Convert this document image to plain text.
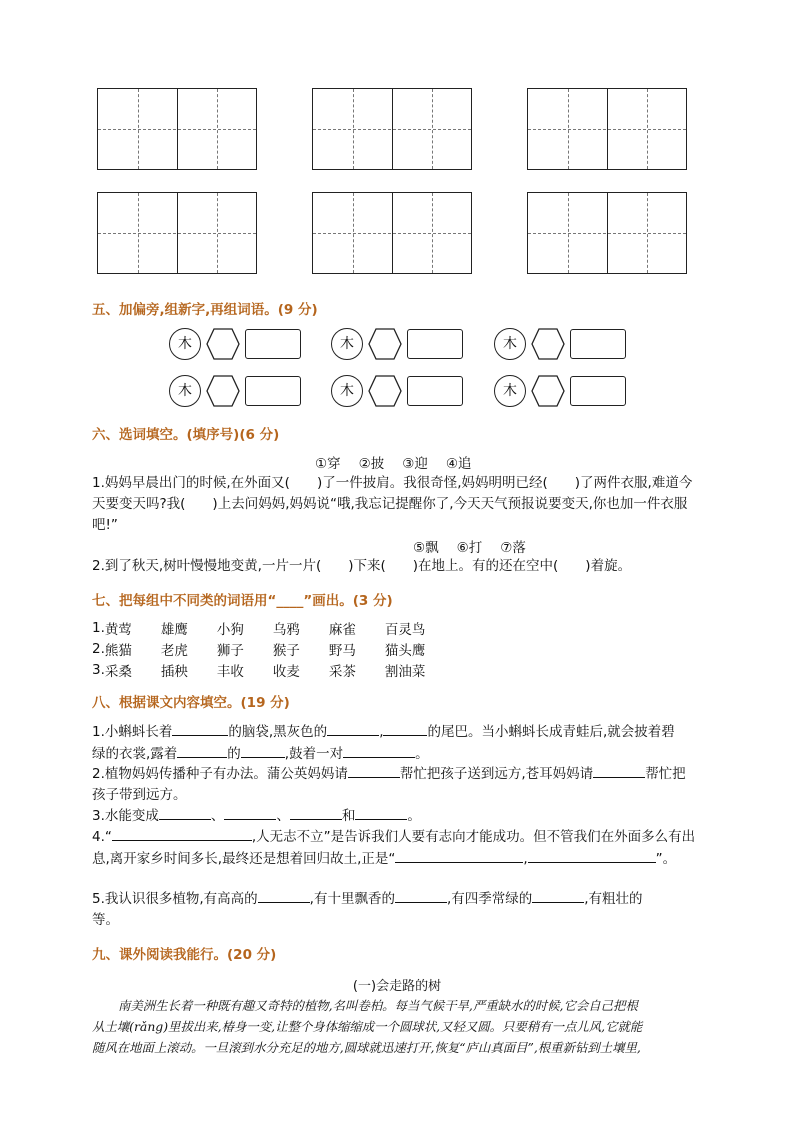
五、加偏旁,组新字,再组词语。(9 分)
木	木	木
木	木	木
六、选词填空。(填序号)(6 分)
①穿 ②披 ③迎 ④追
1.妈妈早晨出门的时候,在外面又(　　)了一件披肩。我很奇怪,妈妈明明已经(　　)了两件衣服,难道今
天要变天吗?我(　　)上去问妈妈,妈妈说“哦,我忘记提醒你了,今天天气预报说要变天,你也加一件衣服
吧!”
⑤飘 ⑥打 ⑦落
2.到了秋天,树叶慢慢地变黄,一片一片(　　)下来(　　)在地上。有的还在空中(　　)着旋。
七、把每组中不同类的词语用“____”画出。(3 分)
1.	黄莺	雄鹰	小狗	乌鸦	麻雀	百灵鸟
2.	熊猫	老虎	狮子	猴子	野马	猫头鹰
3.	采桑	插秧	丰收	收麦	采茶	割油菜
八、根据课文内容填空。(19 分)
1.小蝌蚪长着	的脑袋,黑灰色的	,	的尾巴。当小蝌蚪长成青蛙后,就会披着碧
绿的衣裳,露着	的	,鼓着一对	。
2.植物妈妈传播种子有办法。蒲公英妈妈请	帮忙把孩子送到远方,苍耳妈妈请	帮忙把
孩子带到远方。
3.水能变成	、	、	和	。
4.“	,人无志不立”是告诉我们人要有志向才能成功。但不管我们在外面多么有出
息,离开家乡时间多长,最终还是想着回归故土,正是“	,	”。
5.我认识很多植物,有高高的	,有十里飘香的	,有四季常绿的	,有粗壮的
等。
九、课外阅读我能行。(20 分)
(一)会走路的树
南美洲生长着一种既有趣又奇特的植物,名叫卷柏。每当气候干旱,严重缺水的时候,它会自己把根
从土壤(rǎng)里拔出来,椿身一变,让整个身体缩缩成一个圆球状,又轻又圆。只要稍有一点儿风,它就能
随风在地面上滚动。一旦滚到水分充足的地方,圆球就迅速打开,恢复“庐山真面目”,根重新钻到土壤里,
